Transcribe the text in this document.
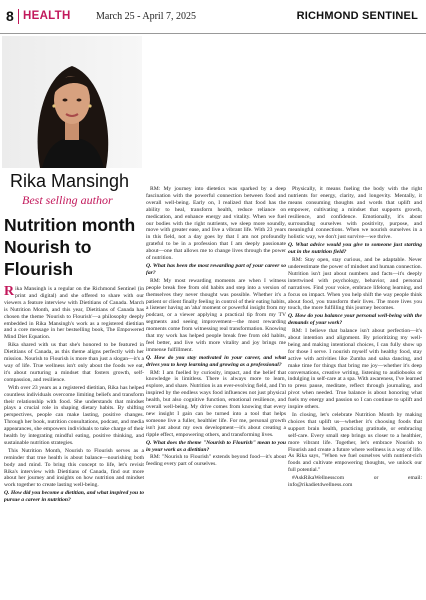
8 HEALTH	March 25 - April 7, 2025	RICHMOND SENTINEL
Rika Mansingh
Best selling author
Nutrition month Nourish to Flourish

Rika Mansingh is a regular on the Richmond Sentinel (in print and digital) and she offered to share with our viewers a feature interview with Dietitians of Canada. March is Nutrition Month, and this year, Dietitians of Canada has chosen the theme 'Nourish to Flourish'—a philosophy deeply embedded in Rika Mansingh's work as a registered dietitian and a core message in her bestselling book, The Empowered Mind Diet Equation.

Rika shared with us that she's honored to be featured in Dietitians of Canada, as this theme aligns perfectly with her mission. Nourish to Flourish is more than just a slogan—it's a way of life. True wellness isn't only about the foods we eat, it's about nurturing a mindset that fosters growth, self-compassion, and resilience.

With over 23 years as a registered dietitian, Rika has helped countless individuals overcome limiting beliefs and transform their relationship with food. She understands that mindset plays a crucial role in shaping dietary habits. By shifting perspectives, people can make lasting, positive changes. Through her book, nutrition consultations, podcast, and media appearances, she empowers individuals to take charge of their health by integrating mindful eating, positive thinking, and sustainable nutrition strategies.

This Nutrition Month, Nourish to Flourish serves as a reminder that true health is about balance—nourishing both body and mind. To bring this concept to life, let's revisit Rika's interview with Dietitians of Canada, find out more about her journey and insights on how nutrition and mindset work together to create lasting well-being.

Q. How did you become a dietitian, and what inspired you to pursue a career in nutrition?

RM: My journey into dietetics was sparked by a deep fascination with the powerful connection between food and overall well-being. Early on, I realized that food has the ability to heal, transform health, reduce reliance on medication, and enhance energy and vitality. When we fuel our bodies with the right nutrients, we sleep more soundly, move with greater ease, and live a vibrant life. With 23 years in this field, not a day goes by that I am not profoundly grateful to be in a profession that I am deeply passionate about—one that allows me to change lives through the power of nutrition.

Q. What has been the most rewarding part of your career so far?

RM: My most rewarding moments are when I witness people break free from old habits and step into a version of themselves they never thought was possible. Whether it's a patient or client finally feeling in control of their eating habits, a listener having an 'aha' moment or powerful insight from my podcast, or a viewer applying a practical tip from my TV segments and seeing improvement—the most rewarding moments come from witnessing real transformation. Knowing that my work has helped people break free from old habits, feel better, and live with more vitality and joy brings me immense fulfillment.

Q. How do you stay motivated in your career, and what drives you to keep learning and growing as a professional?

RM: I am fuelled by curiosity, impact, and the belief that knowledge is limitless. There is always more to learn, explore, and share. Nutrition is an ever-evolving field, and I'm inspired by the endless ways food influences not just physical health, but also cognitive function, emotional resilience, and overall well-being. My drive comes from knowing that every new insight I gain can be turned into a tool that helps someone live a fuller, healthier life. For me, personal growth isn't just about my own development—it's about creating a ripple effect, empowering others, and transforming lives.

Q. What does the theme "Nourish to Flourish" mean to you in your work as a dietitian?

RM: "Nourish to Flourish" extends beyond food—it's about feeding every part of ourselves.

Physically, it means fueling the body with the right nutrients for energy, clarity, and longevity. Mentally, it means consuming thoughts and words that uplift and empower, cultivating a mindset that supports growth, resilience, and confidence. Emotionally, it's about surrounding ourselves with positivity, purpose, and meaningful connections. When we nourish ourselves in a holistic way, we don't just survive—we thrive.

Q. What advice would you give to someone just starting out in the nutrition field?

RM: Stay open, stay curious, and be adaptable. Never underestimate the power of mindset and human connection. Nutrition isn't just about numbers and facts—it's deeply intertwined with psychology, behavior, and personal narratives. Find your voice, embrace lifelong learning, and focus on impact. When you help shift the way people think about food, you transform their lives. The more lives you touch, the more fulfilling this journey becomes.

Q. How do you balance your personal well-being with the demands of your work?

RM: I believe that balance isn't about perfection—it's about intention and alignment. By prioritizing my well-being and making intentional choices, I can fully show up for those I serve. I nourish myself with healthy food, stay active with activities like Zumba and salsa dancing, and make time for things that bring me joy—whether it's deep conversations, creative writing, listening to audiobooks or indulging in self-care at a spa. With awareness, I've learned to press pause, meditate, reflect through journaling, and pivot when needed. True balance is about honoring what fuels my energy and passion so I can continue to uplift and inspire others.

In closing, let's celebrate Nutrition Month by making choices that uplift us—whether it's choosing foods that support brain health, practicing gratitude, or embracing self-care. Every small step brings us closer to a healthier, more vibrant life. Together, let's embrace Nourish to Flourish and create a future where wellness is a way of life. As Rika says, "When we fuel ourselves with nutrient-rich foods and cultivate empowering thoughts, we unlock our full potential."

#AskRikaWellnesscom or email: info@rikadiet4wellness.com
